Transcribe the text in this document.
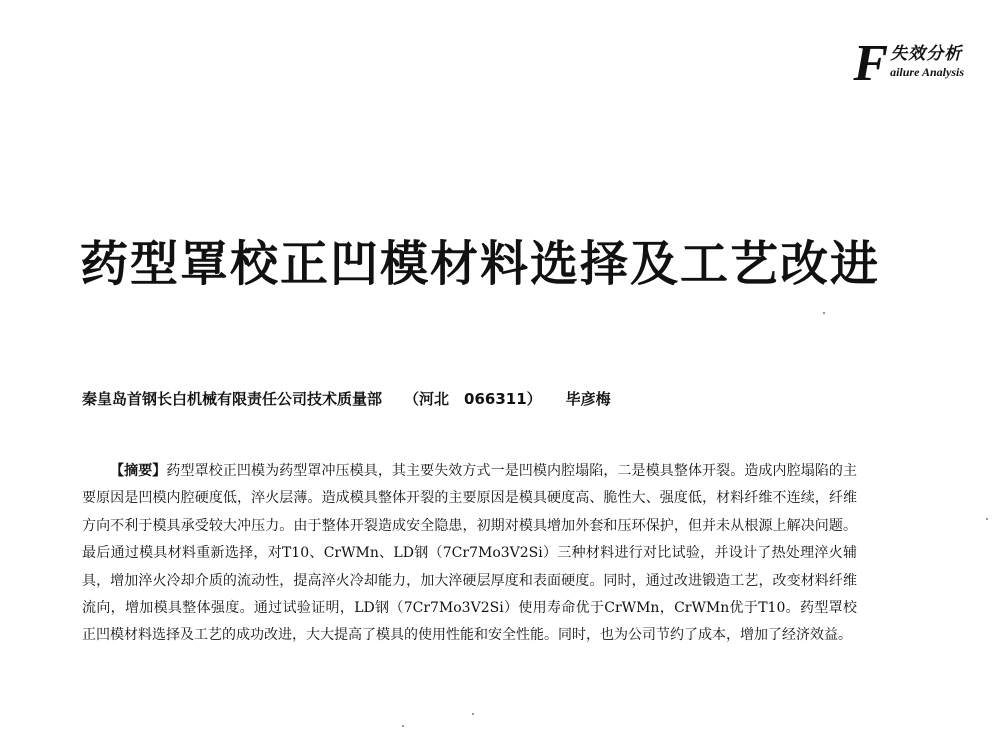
F 失效分析
ailure Analysis
药型罩校正凹模材料选择及工艺改进
秦皇岛首钢长白机械有限责任公司技术质量部 （河北　066311） 毕彦梅

【摘要】药型罩校正凹模为药型罩冲压模具，其主要失效方式一是凹模内腔塌陷，二是模具整体开裂。造成内腔塌陷的主要原因是凹模内腔硬度低，淬火层薄。造成模具整体开裂的主要原因是模具硬度高、脆性大、强度低，材料纤维不连续，纤维方向不利于模具承受较大冲压力。由于整体开裂造成安全隐患，初期对模具增加外套和压环保护，但并未从根源上解决问题。最后通过模具材料重新选择，对T10、CrWMn、LD钢（7Cr7Mo3V2Si）三种材料进行对比试验，并设计了热处理淬火辅具，增加淬火冷却介质的流动性，提高淬火冷却能力，加大淬硬层厚度和表面硬度。同时，通过改进锻造工艺，改变材料纤维流向，增加模具整体强度。通过试验证明，LD钢（7Cr7Mo3V2Si）使用寿命优于CrWMn，CrWMn优于T10。药型罩校正凹模材料选择及工艺的成功改进，大大提高了模具的使用性能和安全性能。同时，也为公司节约了成本，增加了经济效益。
